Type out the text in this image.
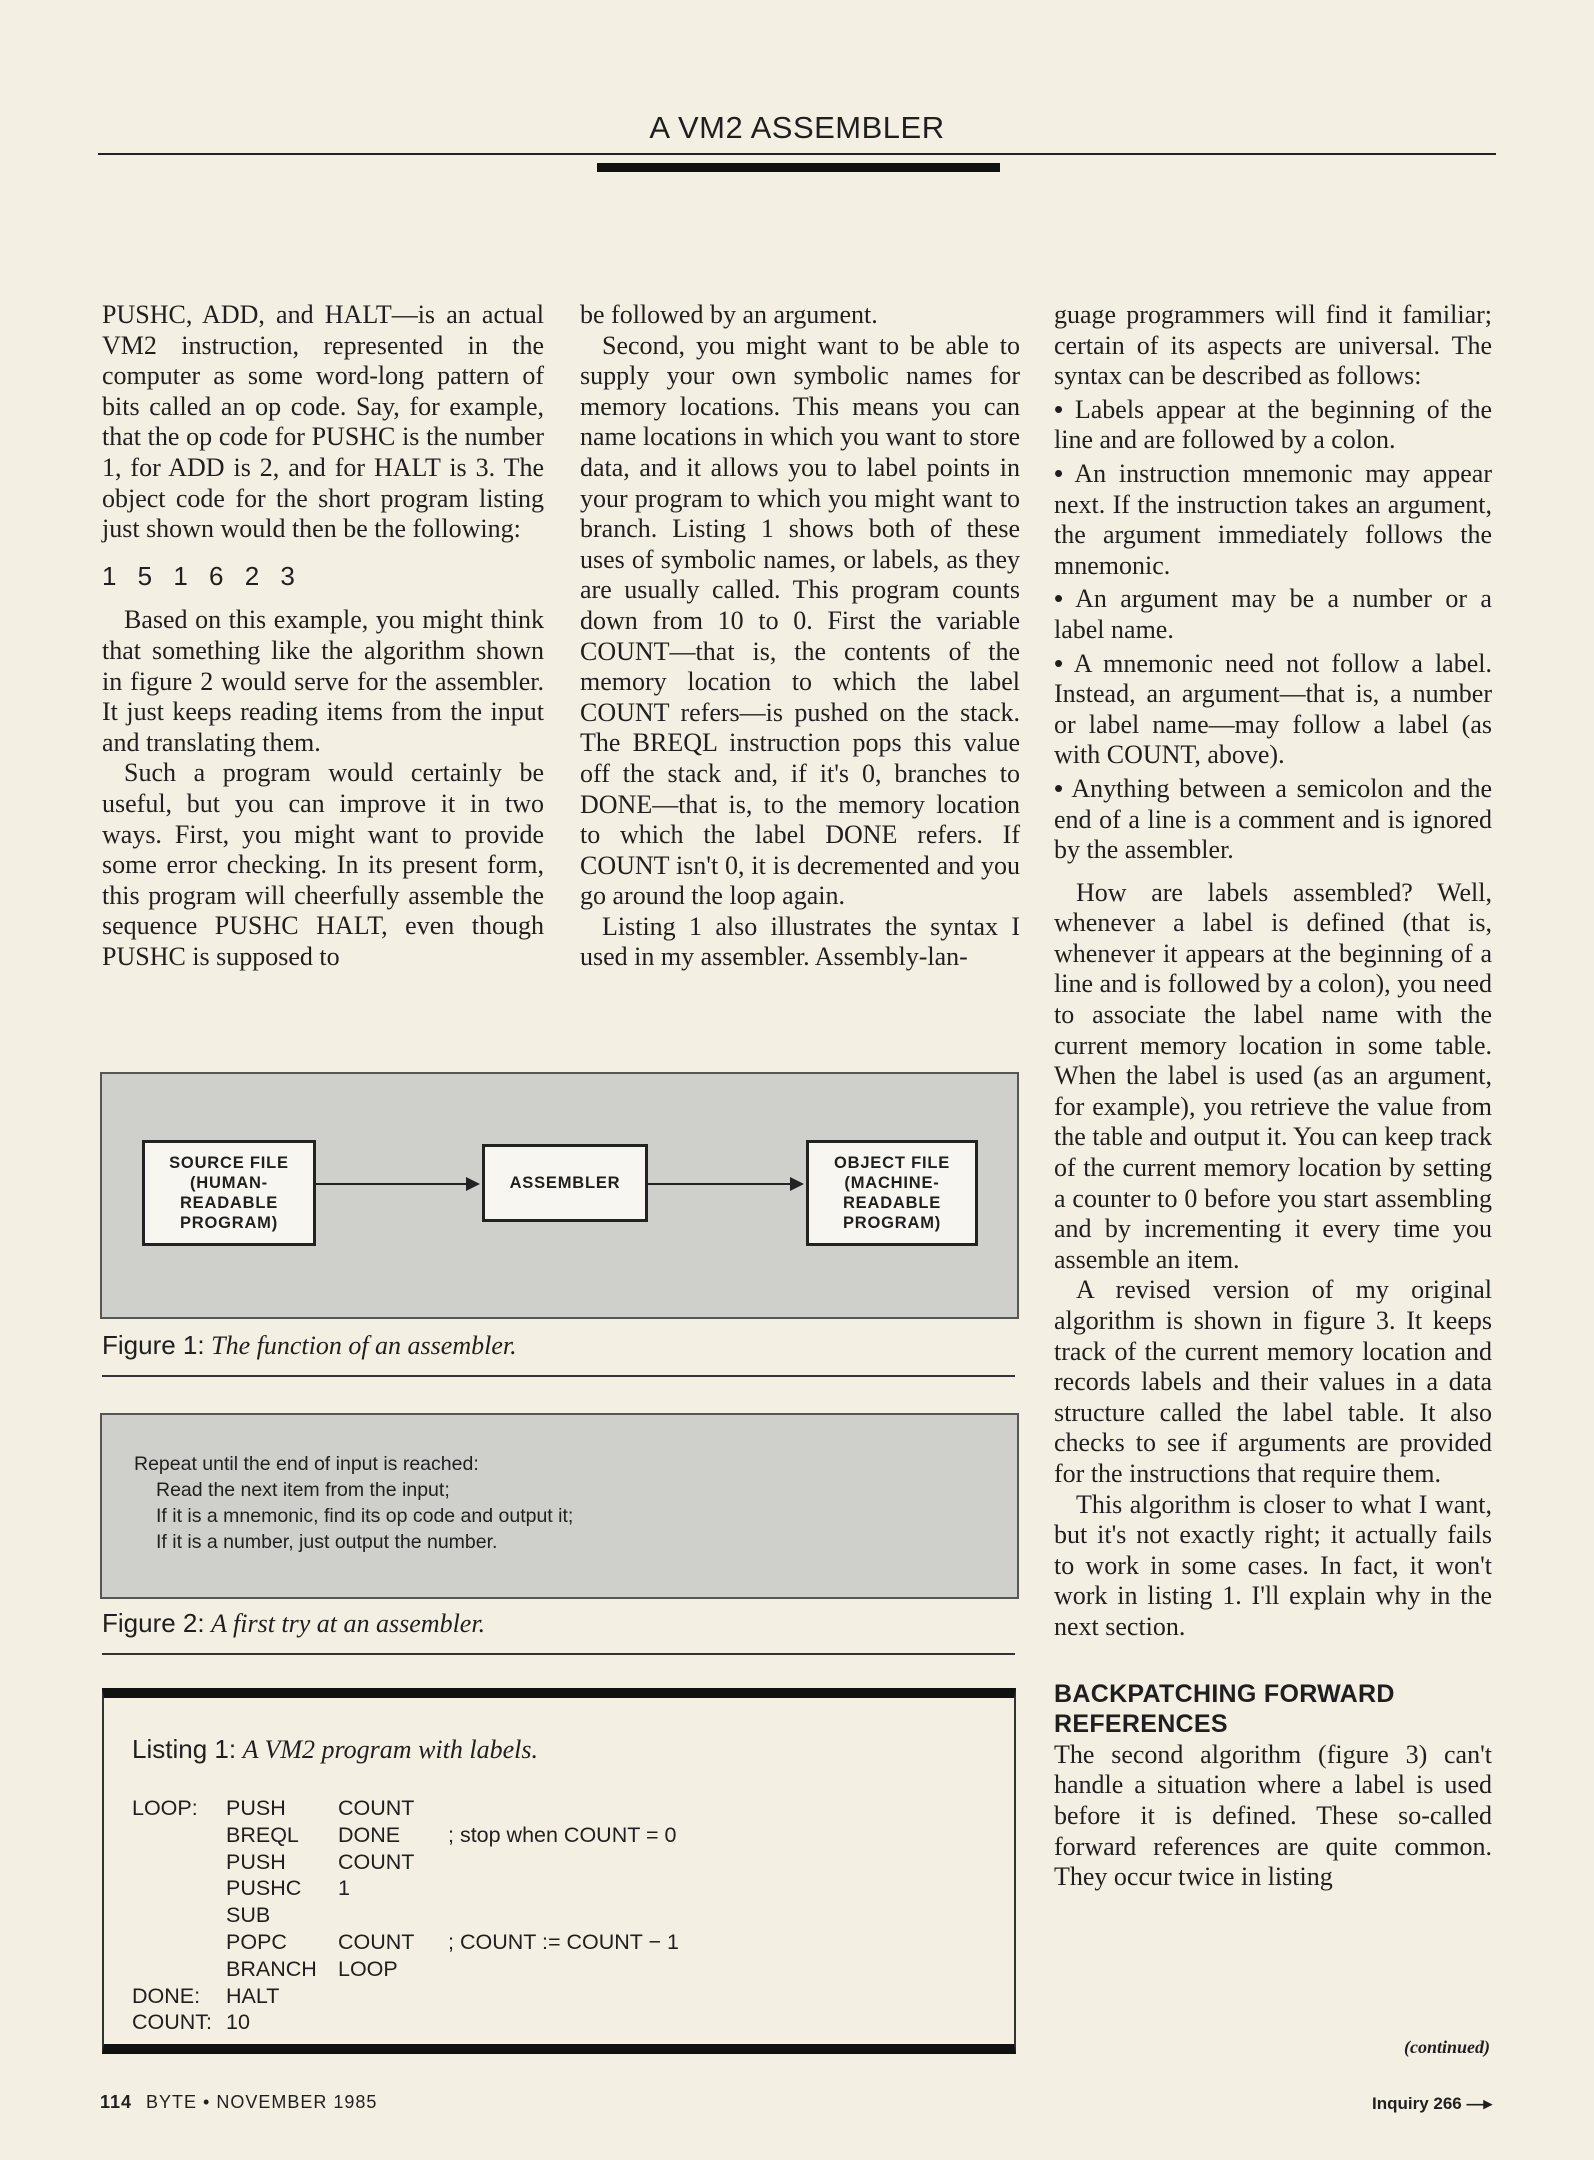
A VM2 ASSEMBLER

PUSHC, ADD, and HALT—is an actual VM2 instruction, represented in the computer as some word-long pattern of bits called an op code. Say, for example, that the op code for PUSHC is the number 1, for ADD is 2, and for HALT is 3. The object code for the short program listing just shown would then be the following:

1 5 1 6 2 3

Based on this example, you might think that something like the algorithm shown in figure 2 would serve for the assembler. It just keeps reading items from the input and translating them.

Such a program would certainly be useful, but you can improve it in two ways. First, you might want to provide some error checking. In its present form, this program will cheerfully assemble the sequence PUSHC HALT, even though PUSHC is supposed to

be followed by an argument.

Second, you might want to be able to supply your own symbolic names for memory locations. This means you can name locations in which you want to store data, and it allows you to label points in your program to which you might want to branch. Listing 1 shows both of these uses of symbolic names, or labels, as they are usually called. This program counts down from 10 to 0. First the variable COUNT—that is, the contents of the memory location to which the label COUNT refers—is pushed on the stack. The BREQL instruction pops this value off the stack and, if it's 0, branches to DONE—that is, to the memory location to which the label DONE refers. If COUNT isn't 0, it is decremented and you go around the loop again.

Listing 1 also illustrates the syntax I used in my assembler. Assembly-lan-

guage programmers will find it familiar; certain of its aspects are universal. The syntax can be described as follows:

• Labels appear at the beginning of the line and are followed by a colon.

• An instruction mnemonic may appear next. If the instruction takes an argument, the argument immediately follows the mnemonic.

• An argument may be a number or a label name.

• A mnemonic need not follow a label. Instead, an argument—that is, a number or label name—may follow a label (as with COUNT, above).

• Anything between a semicolon and the end of a line is a comment and is ignored by the assembler.

How are labels assembled? Well, whenever a label is defined (that is, whenever it appears at the beginning of a line and is followed by a colon), you need to associate the label name with the current memory location in some table. When the label is used (as an argument, for example), you retrieve the value from the table and output it. You can keep track of the current memory location by setting a counter to 0 before you start assembling and by incrementing it every time you assemble an item.

A revised version of my original algorithm is shown in figure 3. It keeps track of the current memory location and records labels and their values in a data structure called the label table. It also checks to see if arguments are provided for the instructions that require them.

This algorithm is closer to what I want, but it's not exactly right; it actually fails to work in some cases. In fact, it won't work in listing 1. I'll explain why in the next section.

BACKPATCHING FORWARD REFERENCES

The second algorithm (figure 3) can't handle a situation where a label is used before it is defined. These so-called forward references are quite common. They occur twice in listing

(continued)
SOURCE FILE
(HUMAN-
READABLE
PROGRAM)
ASSEMBLER
OBJECT FILE
(MACHINE-
READABLE
PROGRAM)
Figure 1: The function of an assembler.
Repeat until the end of input is reached:
Read the next item from the input;
If it is a mnemonic, find its op code and output it;
If it is a number, just output the number.
Figure 2: A first try at an assembler.
Listing 1: A VM2 program with labels.
LOOP:	PUSH	COUNT	
	BREQL	DONE	; stop when COUNT = 0
	PUSH	COUNT	
	PUSHC	1	
	SUB		
	POPC	COUNT	; COUNT := COUNT − 1
	BRANCH	LOOP	
DONE:	HALT		
COUNT:	10		
114 BYTE • NOVEMBER 1985	Inquiry 266 —▸
